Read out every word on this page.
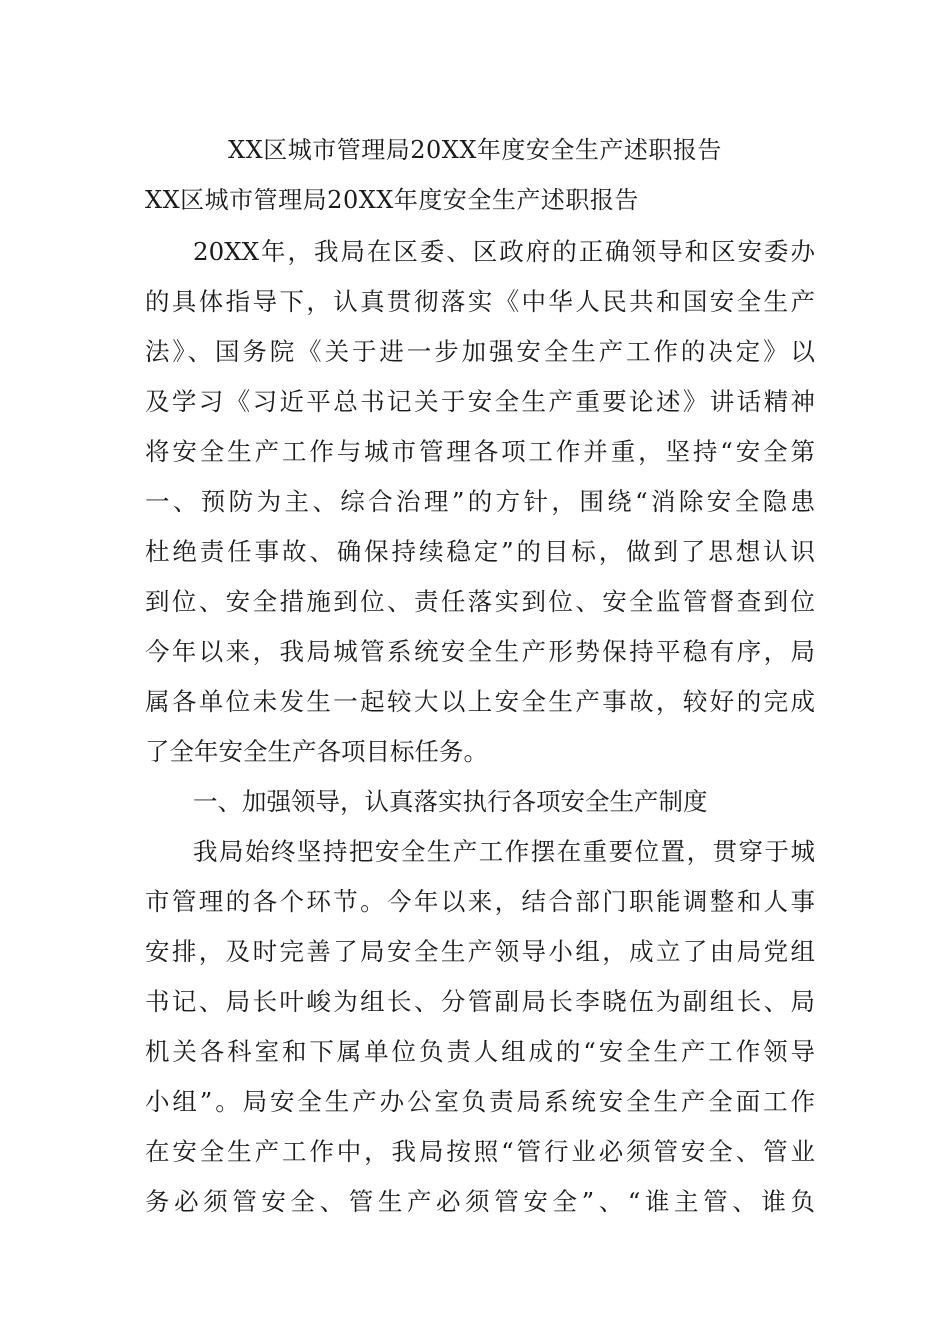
XX区城市管理局20XX年度安全生产述职报告
XX区城市管理局20XX年度安全生产述职报告
20XX年，我局在区委、区政府的正确领导和区安委办
的具体指导下，认真贯彻落实《中华人民共和国安全生产
法》、国务院《关于进一步加强安全生产工作的决定》以
及学习《习近平总书记关于安全生产重要论述》讲话精神
将安全生产工作与城市管理各项工作并重，坚持“安全第
一、预防为主、综合治理”的方针，围绕“消除安全隐患
杜绝责任事故、确保持续稳定”的目标，做到了思想认识
到位、安全措施到位、责任落实到位、安全监管督查到位
今年以来，我局城管系统安全生产形势保持平稳有序，局
属各单位未发生一起较大以上安全生产事故，较好的完成
了全年安全生产各项目标任务。
一、加强领导，认真落实执行各项安全生产制度
我局始终坚持把安全生产工作摆在重要位置，贯穿于城
市管理的各个环节。今年以来，结合部门职能调整和人事
安排，及时完善了局安全生产领导小组，成立了由局党组
书记、局长叶峻为组长、分管副局长李晓伍为副组长、局
机关各科室和下属单位负责人组成的“安全生产工作领导
小组”。局安全生产办公室负责局系统安全生产全面工作
在安全生产工作中，我局按照“管行业必须管安全、管业
务必须管安全、管生产必须管安全”、“谁主管、谁负
